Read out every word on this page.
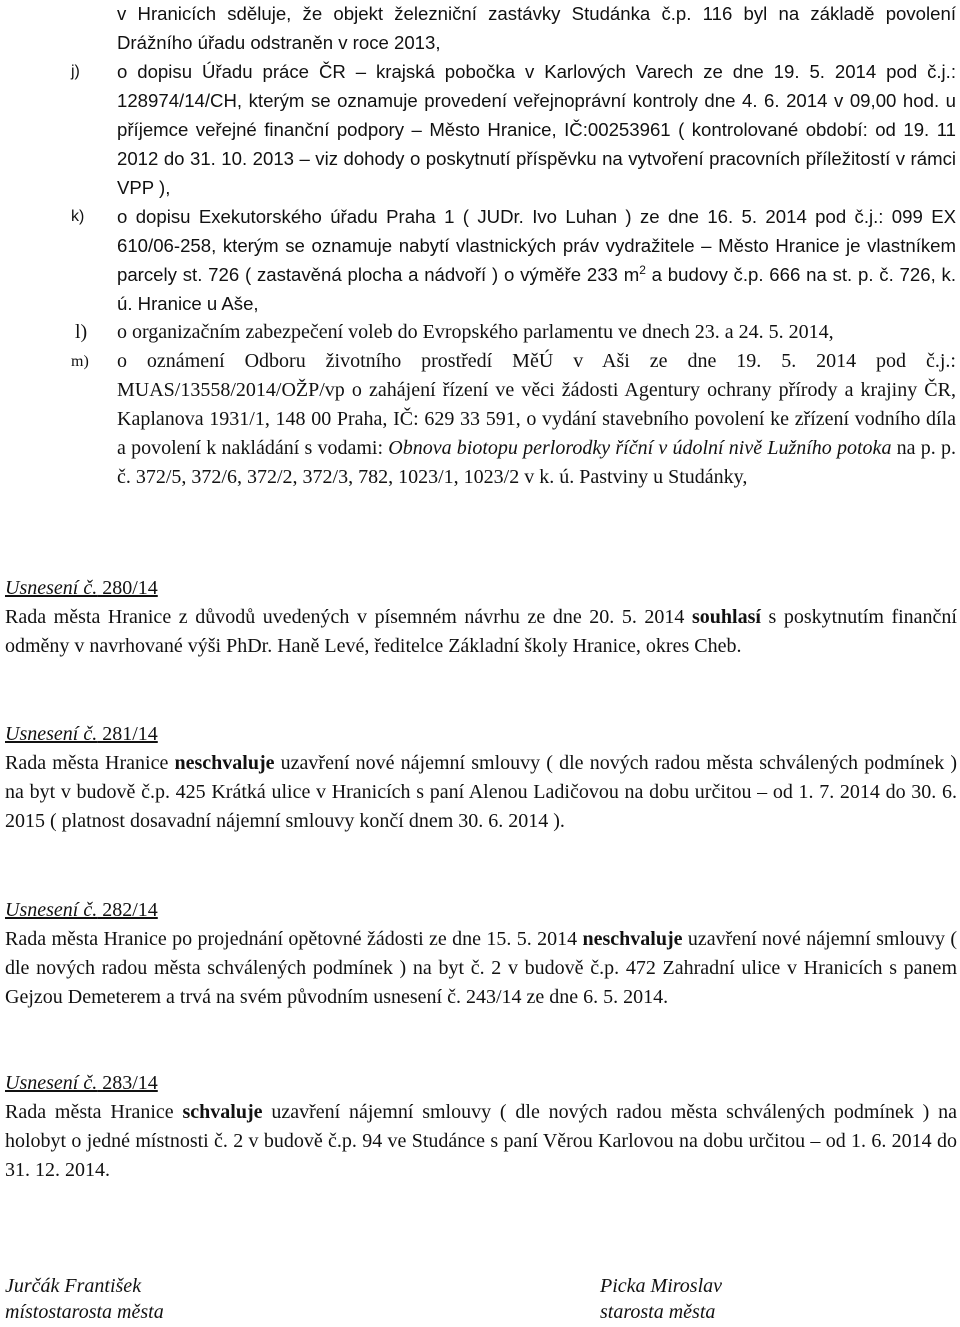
v Hranicích sděluje, že objekt železniční zastávky Studánka č.p. 116 byl na základě povolení Drážního úřadu odstraněn v roce 2013,
j)	o dopisu Úřadu práce ČR – krajská pobočka v Karlových Varech ze dne 19. 5. 2014 pod č.j.: 128974/14/CH, kterým se oznamuje provedení veřejnoprávní kontroly dne 4. 6. 2014 v 09,00 hod. u příjemce veřejné finanční podpory – Město Hranice, IČ:00253961 ( kontrolované období: od 19. 11 2012 do 31. 10. 2013 – viz dohody o poskytnutí příspěvku na vytvoření pracovních příležitostí v rámci VPP ),
k)	o dopisu Exekutorského úřadu Praha 1 ( JUDr. Ivo Luhan ) ze dne 16. 5. 2014 pod č.j.: 099 EX 610/06-258, kterým se oznamuje nabytí vlastnických práv vydražitele – Město Hranice je vlastníkem parcely st. 726 ( zastavěná plocha a nádvoří ) o výměře 233 $m^2$ a budovy č.p. 666 na st. p. č. 726, k. ú. Hranice u Aše,
l)	o organizačním zabezpečení voleb do Evropského parlamentu ve dnech 23. a 24. 5. 2014,
m)	o oznámení Odboru životního prostředí MěÚ v Aši ze dne 19. 5. 2014 pod č.j.: MUAS/13558/2014/OŽP/vp o zahájení řízení ve věci žádosti Agentury ochrany přírody a krajiny ČR, Kaplanova 1931/1, 148 00 Praha, IČ: 629 33 591, o vydání stavebního povolení ke zřízení vodního díla a povolení k nakládání s vodami: Obnova biotopu perlorodky říční v údolní nivě Lužního potoka na p. p. č. 372/5, 372/6, 372/2, 372/3, 782, 1023/1, 1023/2 v k. ú. Pastviny u Studánky,
Usnesení č. 280/14
Rada města Hranice z důvodů uvedených v písemném návrhu ze dne 20. 5. 2014 souhlasí s poskytnutím finanční odměny v navrhované výši PhDr. Haně Levé, ředitelce Základní školy Hranice, okres Cheb.
Usnesení č. 281/14
Rada města Hranice neschvaluje uzavření nové nájemní smlouvy ( dle nových radou města schválených podmínek ) na byt v budově č.p. 425 Krátká ulice v Hranicích s paní Alenou Ladičovou na dobu určitou – od 1. 7. 2014 do 30. 6. 2015 ( platnost dosavadní nájemní smlouvy končí dnem 30. 6. 2014 ).
Usnesení č. 282/14
Rada města Hranice po projednání opětovné žádosti ze dne 15. 5. 2014 neschvaluje uzavření nové nájemní smlouvy ( dle nových radou města schválených podmínek ) na byt č. 2 v budově č.p. 472 Zahradní ulice v Hranicích s panem Gejzou Demeterem a trvá na svém původním usnesení č. 243/14 ze dne 6. 5. 2014.
Usnesení č. 283/14
Rada města Hranice schvaluje uzavření nájemní smlouvy ( dle nových radou města schválených podmínek ) na holobyt o jedné místnosti č. 2 v budově č.p. 94 ve Studánce s paní Věrou Karlovou na dobu určitou – od 1. 6. 2014 do 31. 12. 2014.
Jurčák František
místostarosta města
Picka Miroslav
starosta města
